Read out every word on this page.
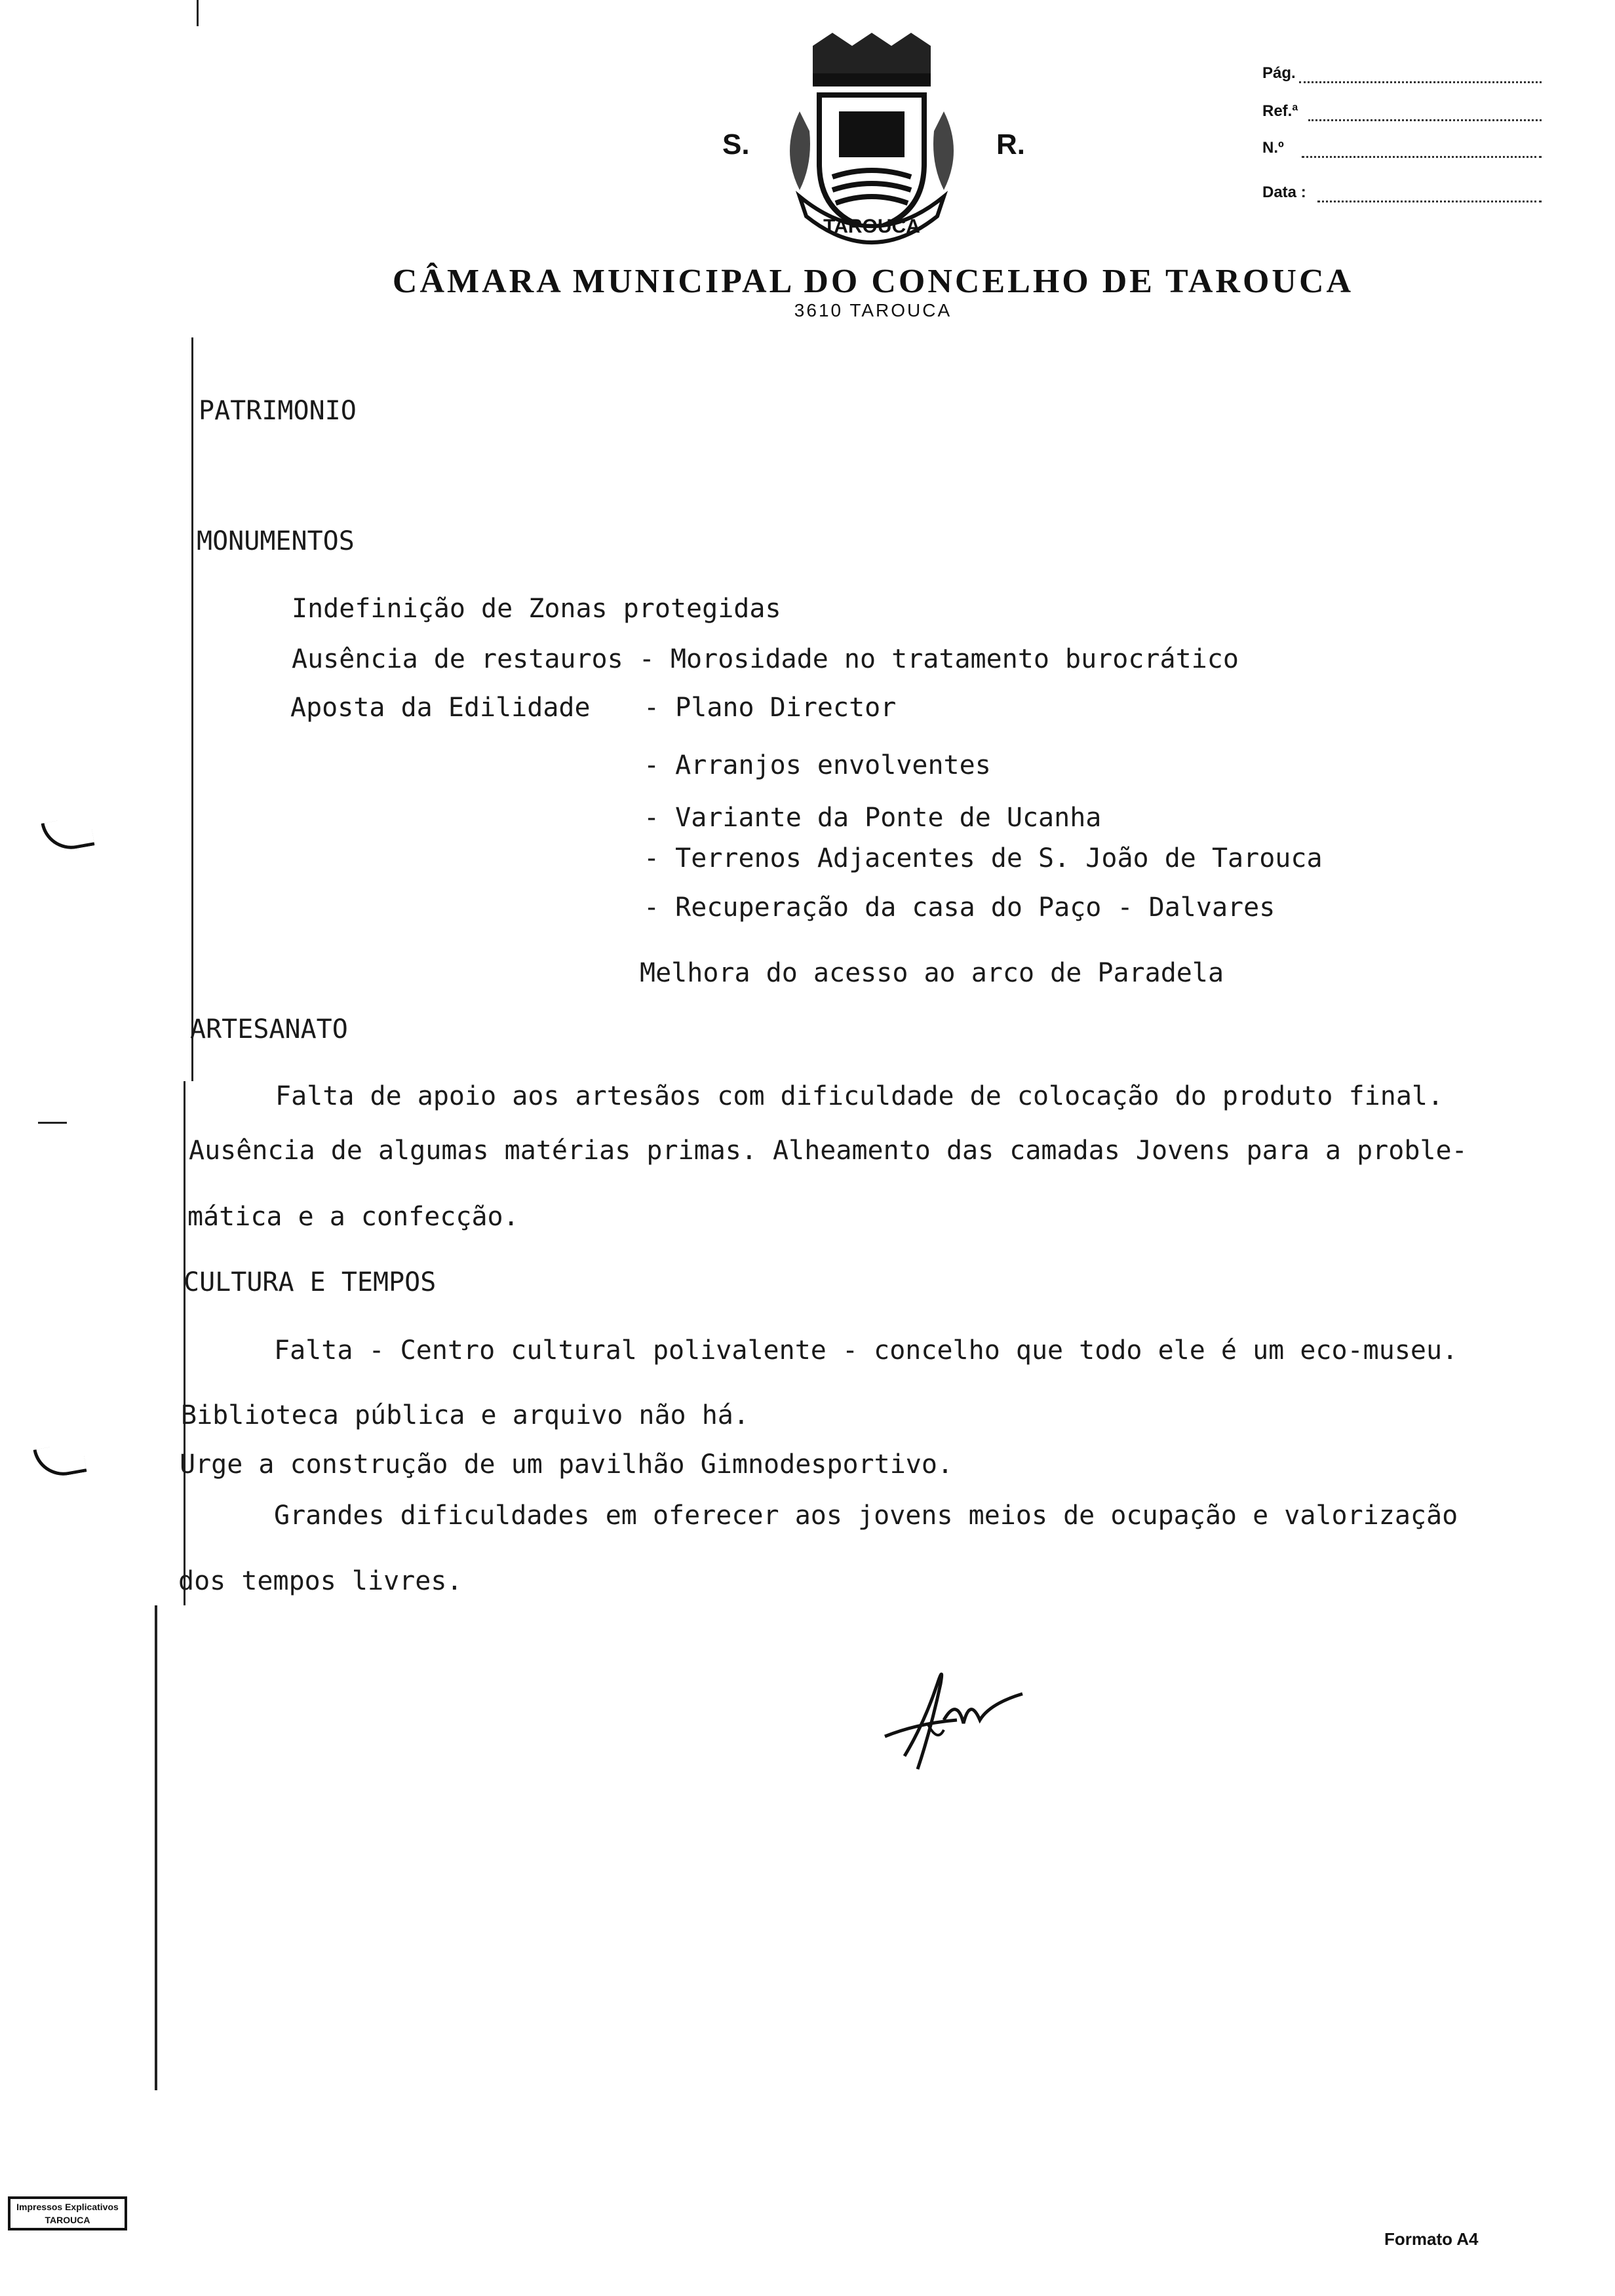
S.	R.
TAROUCA
Pág.
Ref.ª
N.º
Data :
CÂMARA MUNICIPAL DO CONCELHO DE TAROUCA
3610 TAROUCA
PATRIMONIO
MONUMENTOS
Indefinição de Zonas protegidas
Ausência de restauros - Morosidade no tratamento burocrático
Aposta da Edilidade - Plano Director
- Arranjos envolventes
- Variante da Ponte de Ucanha
- Terrenos Adjacentes de S. João de Tarouca
- Recuperação da casa do Paço - Dalvares
Melhora do acesso ao arco de Paradela
ARTESANATO
Falta de apoio aos artesãos com dificuldade de colocação do produto final.
Ausência de algumas matérias primas. Alheamento das camadas Jovens para a proble-
mática e a confecção.
CULTURA E TEMPOS
Falta - Centro cultural polivalente - concelho que todo ele é um eco-museu.
Biblioteca pública e arquivo não há.
Urge a construção de um pavilhão Gimnodesportivo.
Grandes dificuldades em oferecer aos jovens meios de ocupação e valorização
dos tempos livres.
Impressos Explicativos
TAROUCA
Formato A4
